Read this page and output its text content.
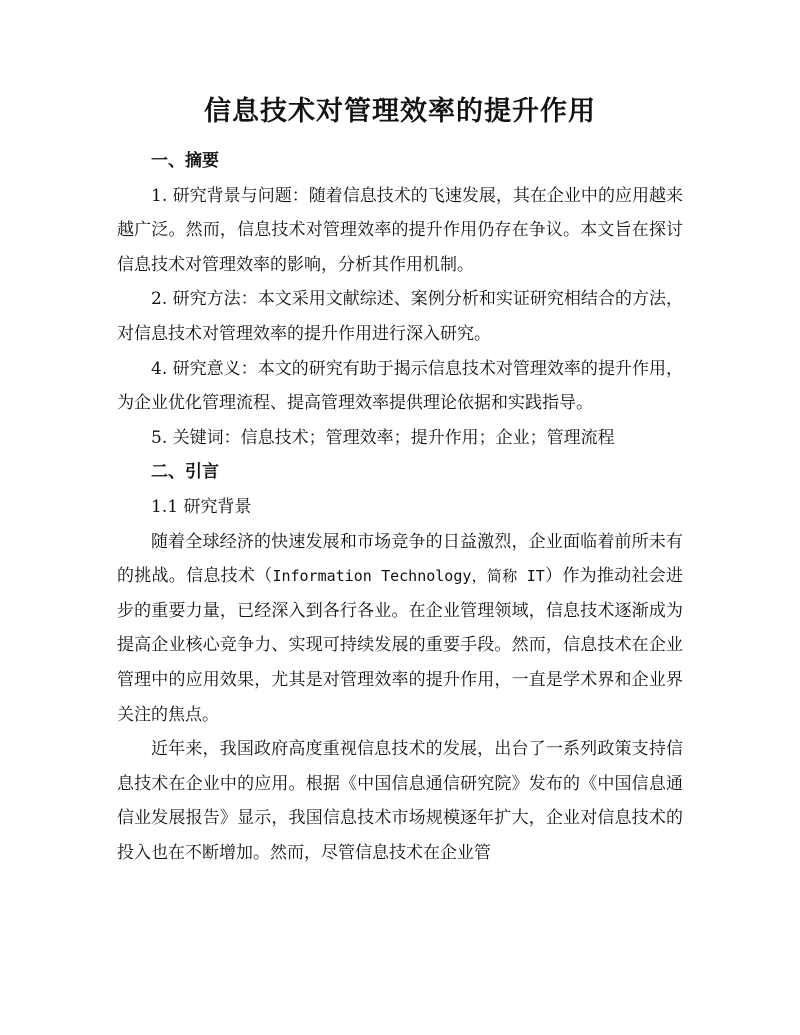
信息技术对管理效率的提升作用
一、摘要

1. 研究背景与问题：随着信息技术的飞速发展，其在企业中的应用越来越广泛。然而，信息技术对管理效率的提升作用仍存在争议。本文旨在探讨信息技术对管理效率的影响，分析其作用机制。

2. 研究方法：本文采用文献综述、案例分析和实证研究相结合的方法，对信息技术对管理效率的提升作用进行深入研究。

4. 研究意义：本文的研究有助于揭示信息技术对管理效率的提升作用，为企业优化管理流程、提高管理效率提供理论依据和实践指导。

5. 关键词：信息技术；管理效率；提升作用；企业；管理流程

二、引言

1.1 研究背景

随着全球经济的快速发展和市场竞争的日益激烈，企业面临着前所未有的挑战。信息技术（Information Technology，简称 IT）作为推动社会进步的重要力量，已经深入到各行各业。在企业管理领域，信息技术逐渐成为提高企业核心竞争力、实现可持续发展的重要手段。然而，信息技术在企业管理中的应用效果，尤其是对管理效率的提升作用，一直是学术界和企业界关注的焦点。

近年来，我国政府高度重视信息技术的发展，出台了一系列政策支持信息技术在企业中的应用。根据《中国信息通信研究院》发布的《中国信息通信业发展报告》显示，我国信息技术市场规模逐年扩大，企业对信息技术的投入也在不断增加。然而，尽管信息技术在企业管
